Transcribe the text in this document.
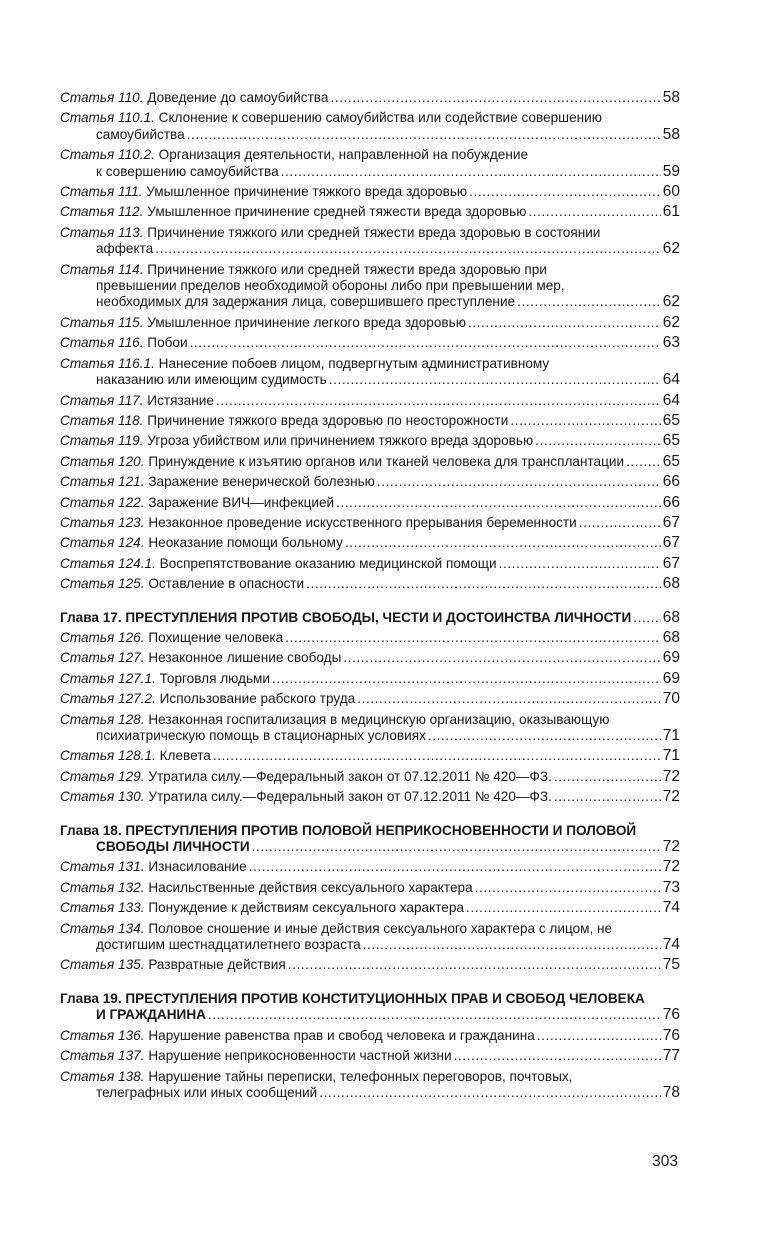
Статья 110. Доведение до самоубийства . . .	58
Статья 110.1. Склонение к совершению самоубийства или содействие совершению
самоубийства . . .	58
Статья 110.2. Организация деятельности, направленной на побуждение
к совершению самоубийства . . .	59
Статья 111. Умышленное причинение тяжкого вреда здоровью . . .	60
Статья 112. Умышленное причинение средней тяжести вреда здоровью . . .	61
Статья 113. Причинение тяжкого или средней тяжести вреда здоровью в состоянии
аффекта . . .	62
Статья 114. Причинение тяжкого или средней тяжести вреда здоровью при
превышении пределов необходимой обороны либо при превышении мер,
необходимых для задержания лица, совершившего преступление . . .	62
Статья 115. Умышленное причинение легкого вреда здоровью . . .	62
Статья 116. Побои . . .	63
Статья 116.1. Нанесение побоев лицом, подвергнутым административному
наказанию или имеющим судимость . . .	64
Статья 117. Истязание . . .	64
Статья 118. Причинение тяжкого вреда здоровью по неосторожности . . .	65
Статья 119. Угроза убийством или причинением тяжкого вреда здоровью . . .	65
Статья 120. Принуждение к изъятию органов или тканей человека для трансплантации . . . 65
Статья 121. Заражение венерической болезнью . . .	66
Статья 122. Заражение ВИЧ—инфекцией . . .	66
Статья 123. Незаконное проведение искусственного прерывания беременности . . .	67
Статья 124. Неоказание помощи больному . . .	67
Статья 124.1. Воспрепятствование оказанию медицинской помощи . . .	67
Статья 125. Оставление в опасности . . .	68
Глава 17. ПРЕСТУПЛЕНИЯ ПРОТИВ СВОБОДЫ, ЧЕСТИ И ДОСТОИНСТВА ЛИЧНОСТИ . . . 68
Статья 126. Похищение человека . . .	68
Статья 127. Незаконное лишение свободы . . .	69
Статья 127.1. Торговля людьми . . .	69
Статья 127.2. Использование рабского труда . . .	70
Статья 128. Незаконная госпитализация в медицинскую организацию, оказывающую
психиатрическую помощь в стационарных условиях . . .	71
Статья 128.1. Клевета . . .	71
Статья 129. Утратила силу.—Федеральный закон от 07.12.2011 № 420—ФЗ. . . .	72
Статья 130. Утратила силу.—Федеральный закон от 07.12.2011 № 420—ФЗ. . . .	72
Глава 18. ПРЕСТУПЛЕНИЯ ПРОТИВ ПОЛОВОЙ НЕПРИКОСНОВЕННОСТИ И ПОЛОВОЙ
СВОБОДЫ ЛИЧНОСТИ . . .	72
Статья 131. Изнасилование . . .	72
Статья 132. Насильственные действия сексуального характера . . .	73
Статья 133. Понуждение к действиям сексуального характера . . .	74
Статья 134. Половое сношение и иные действия сексуального характера с лицом, не
достигшим шестнадцатилетнего возраста . . .	74
Статья 135. Развратные действия . . .	75
Глава 19. ПРЕСТУПЛЕНИЯ ПРОТИВ КОНСТИТУЦИОННЫХ ПРАВ И СВОБОД ЧЕЛОВЕКА
И ГРАЖДАНИНА . . .	76
Статья 136. Нарушение равенства прав и свобод человека и гражданина . . .	76
Статья 137. Нарушение неприкосновенности частной жизни . . .	77
Статья 138. Нарушение тайны переписки, телефонных переговоров, почтовых,
телеграфных или иных сообщений . . .	78
303
